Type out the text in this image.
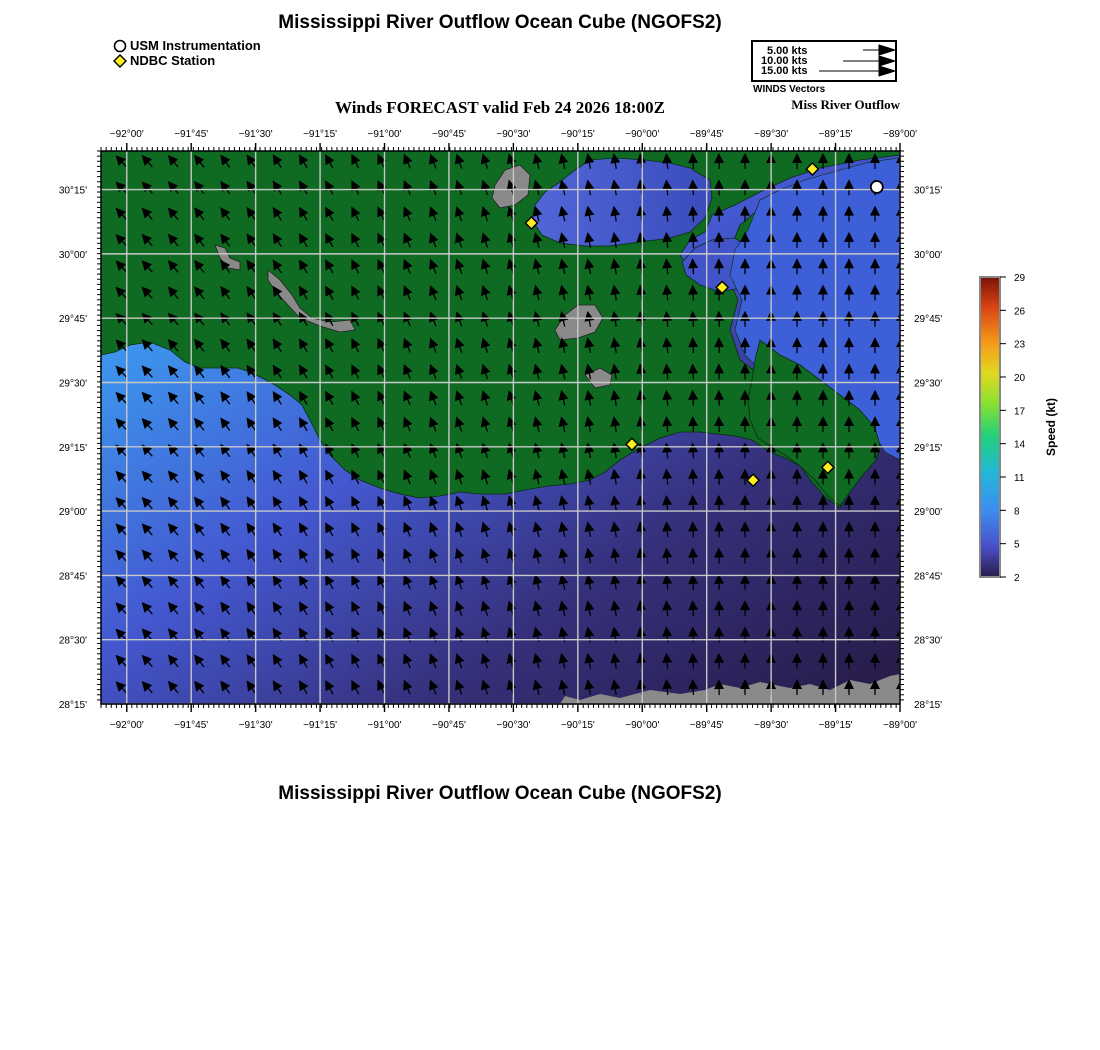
Mississippi River Outflow Ocean Cube (NGOFS2)
USM Instrumentation
NDBC Station
5.00 kts
10.00 kts
15.00 kts
WINDS Vectors
Winds FORECAST valid Feb 24 2026 18:00Z	Miss River Outflow
−92°00'
−92°00'
−91°45'
−91°45'
−91°30'
−91°30'
−91°15'
−91°15'
−91°00'
−91°00'
−90°45'
−90°45'
−90°30'
−90°30'
−90°15'
−90°15'
−90°00'
−90°00'
−89°45'
−89°45'
−89°30'
−89°30'
−89°15'
−89°15'
−89°00'
−89°00'
30°15'	30°15'
30°00'	30°00'
29°45'	29°45'
29°30'	29°30'
29°15'	29°15'
29°00'	29°00'
28°45'	28°45'
28°30'	28°30'
28°15'	28°15'
29
26
23
20
17
14
11
8
5
2
Speed (kt)
Mississippi River Outflow Ocean Cube (NGOFS2)
